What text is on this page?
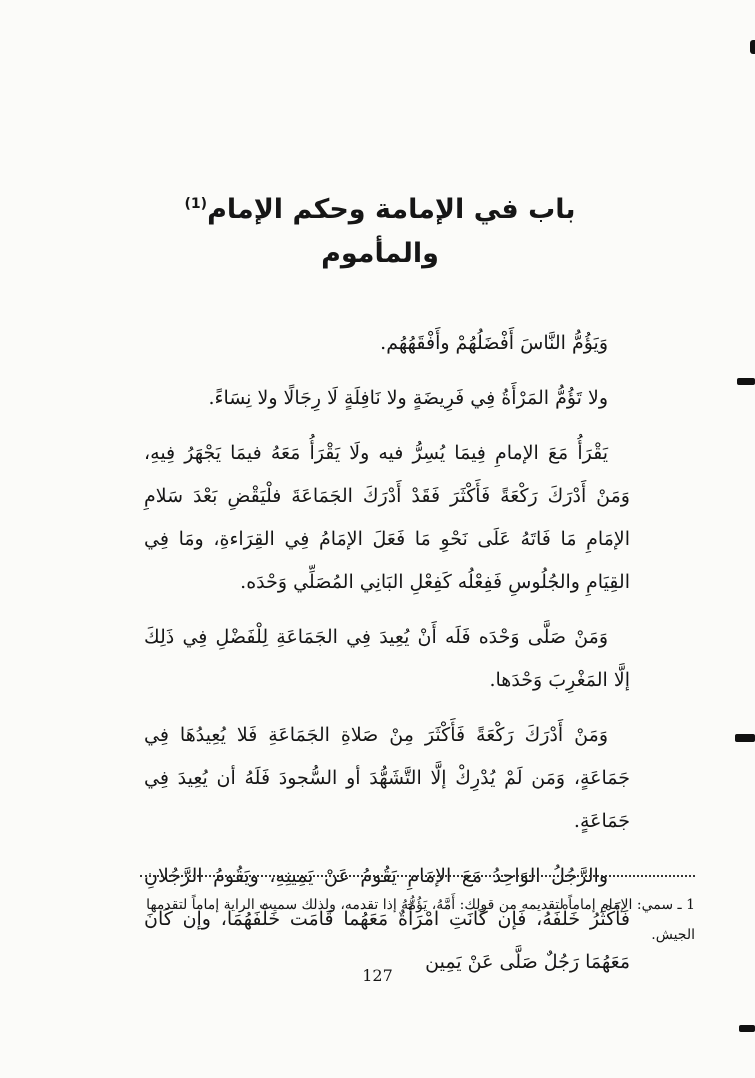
باب في الإمامة وحكم الإمام$^{(1)}$ والمأموم

وَيَؤُمُّ النَّاسَ أَفْضَلُهُمْ وأَفْقَهُهُم.

ولا تَؤُمُّ المَرْأَةُ فِي فَرِيضَةٍ ولا نَافِلَةٍ لَا رِجَالًا ولا نِسَاءً.

يَقْرَأُ مَعَ الإمامِ فِيمَا يُسِرُّ فيه ولَا يَقْرَأُ مَعَهُ فيمَا يَجْهَرُ فِيهِ، وَمَنْ أَدْرَكَ رَكْعَةً فَأَكْثَرَ فَقَدْ أَدْرَكَ الجَمَاعَةَ فلْيَقْضِ بَعْدَ سَلامِ الإمَامِ مَا فَاتَهُ عَلَى نَحْوِ مَا فَعَلَ الإمَامُ فِي القِرَاءةِ، ومَا فِي القِيَامِ والجُلُوسِ فَفِعْلُه كَفِعْلِ البَانِي المُصَلِّي وَحْدَه.

وَمَنْ صَلَّى وَحْدَه فَلَه أَنْ يُعِيدَ فِي الجَمَاعَةِ لِلْفَضْلِ فِي ذَلِكَ إلَّا المَغْرِبَ وَحْدَها.

وَمَنْ أَدْرَكَ رَكْعَةً فَأَكْثَرَ مِنْ صَلاةِ الجَمَاعَةِ فَلا يُعِيدُهَا فِي جَمَاعَةٍ، وَمَن لَمْ يُدْرِكْ إلَّا التَّشَهُّدَ أو السُّجودَ فَلَهُ أن يُعِيدَ فِي جَمَاعَةٍ.

والرَّجُلُ الوَاحِدُ مَعَ الإمَامِ يَقُومُ عَنْ يَمِينِهِ، ويَقُومُ الرَّجُلانِ فَأَكْثَرُ خَلْفَهُ، فَإن كَانَتِ امْرَأَةٌ مَعَهُما قَامَت خَلْفَهُمَا، وإن كَانَ مَعَهُمَا رَجُلٌ صَلَّى عَنْ يَمِين

1 ـ سمي: الإمام إماماً لتقديمه من قولك: أَمَّهُ، يَؤُمُّهُ إذا تقدمه، ولذلك سميت الراية إماماً لتقدمها الجيش.
127
